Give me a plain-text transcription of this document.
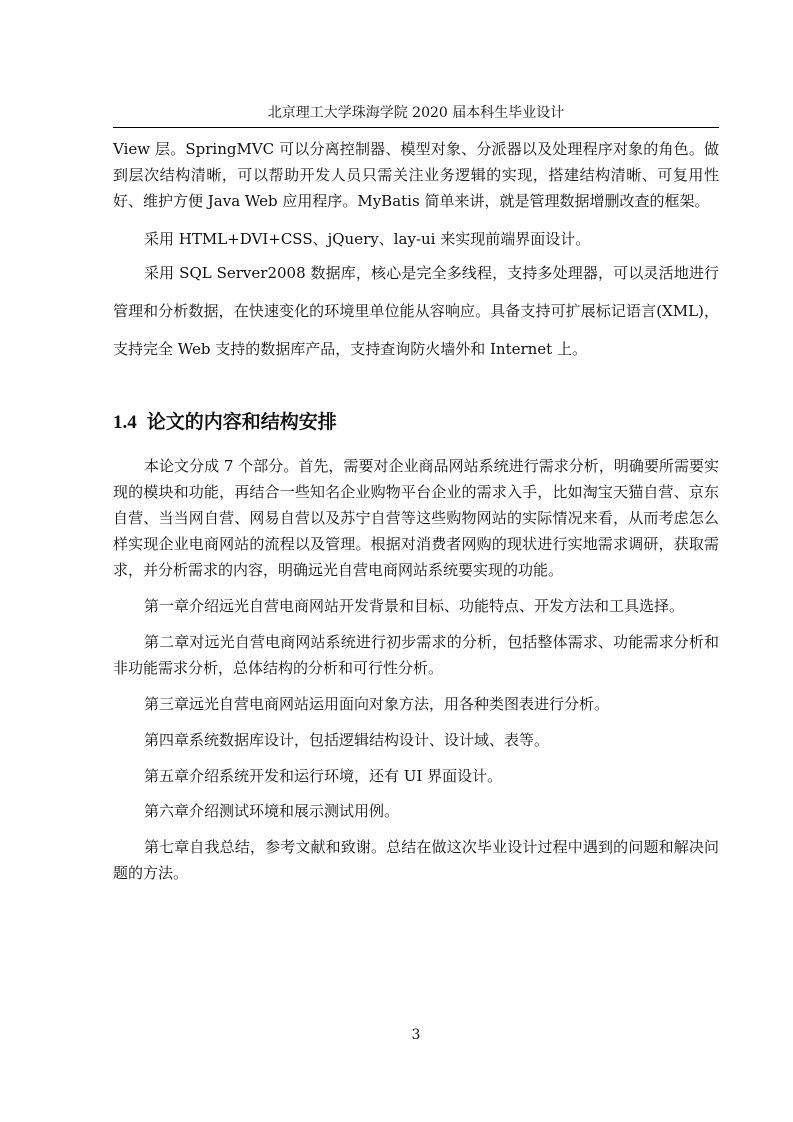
北京理工大学珠海学院 2020 届本科生毕业设计

View 层。SpringMVC 可以分离控制器、模型对象、分派器以及处理程序对象的角色。做到层次结构清晰，可以帮助开发人员只需关注业务逻辑的实现，搭建结构清晰、可复用性好、维护方便 Java Web 应用程序。MyBatis 简单来讲，就是管理数据增删改查的框架。

采用 HTML+DVI+CSS、jQuery、lay-ui 来实现前端界面设计。

采用 SQL Server2008 数据库，核心是完全多线程，支持多处理器，可以灵活地进行管理和分析数据，在快速变化的环境里单位能从容响应。具备支持可扩展标记语言(XML)，支持完全 Web 支持的数据库产品，支持查询防火墙外和 Internet 上。

1.4 论文的内容和结构安排

本论文分成 7 个部分。首先，需要对企业商品网站系统进行需求分析，明确要所需要实现的模块和功能，再结合一些知名企业购物平台企业的需求入手，比如淘宝天猫自营、京东自营、当当网自营、网易自营以及苏宁自营等这些购物网站的实际情况来看，从而考虑怎么样实现企业电商网站的流程以及管理。根据对消费者网购的现状进行实地需求调研，获取需求，并分析需求的内容，明确远光自营电商网站系统要实现的功能。

第一章介绍远光自营电商网站开发背景和目标、功能特点、开发方法和工具选择。

第二章对远光自营电商网站系统进行初步需求的分析，包括整体需求、功能需求分析和非功能需求分析，总体结构的分析和可行性分析。

第三章远光自营电商网站运用面向对象方法，用各种类图表进行分析。

第四章系统数据库设计，包括逻辑结构设计、设计域、表等。

第五章介绍系统开发和运行环境，还有 UI 界面设计。

第六章介绍测试环境和展示测试用例。

第七章自我总结，参考文献和致谢。总结在做这次毕业设计过程中遇到的问题和解决问题的方法。

3
